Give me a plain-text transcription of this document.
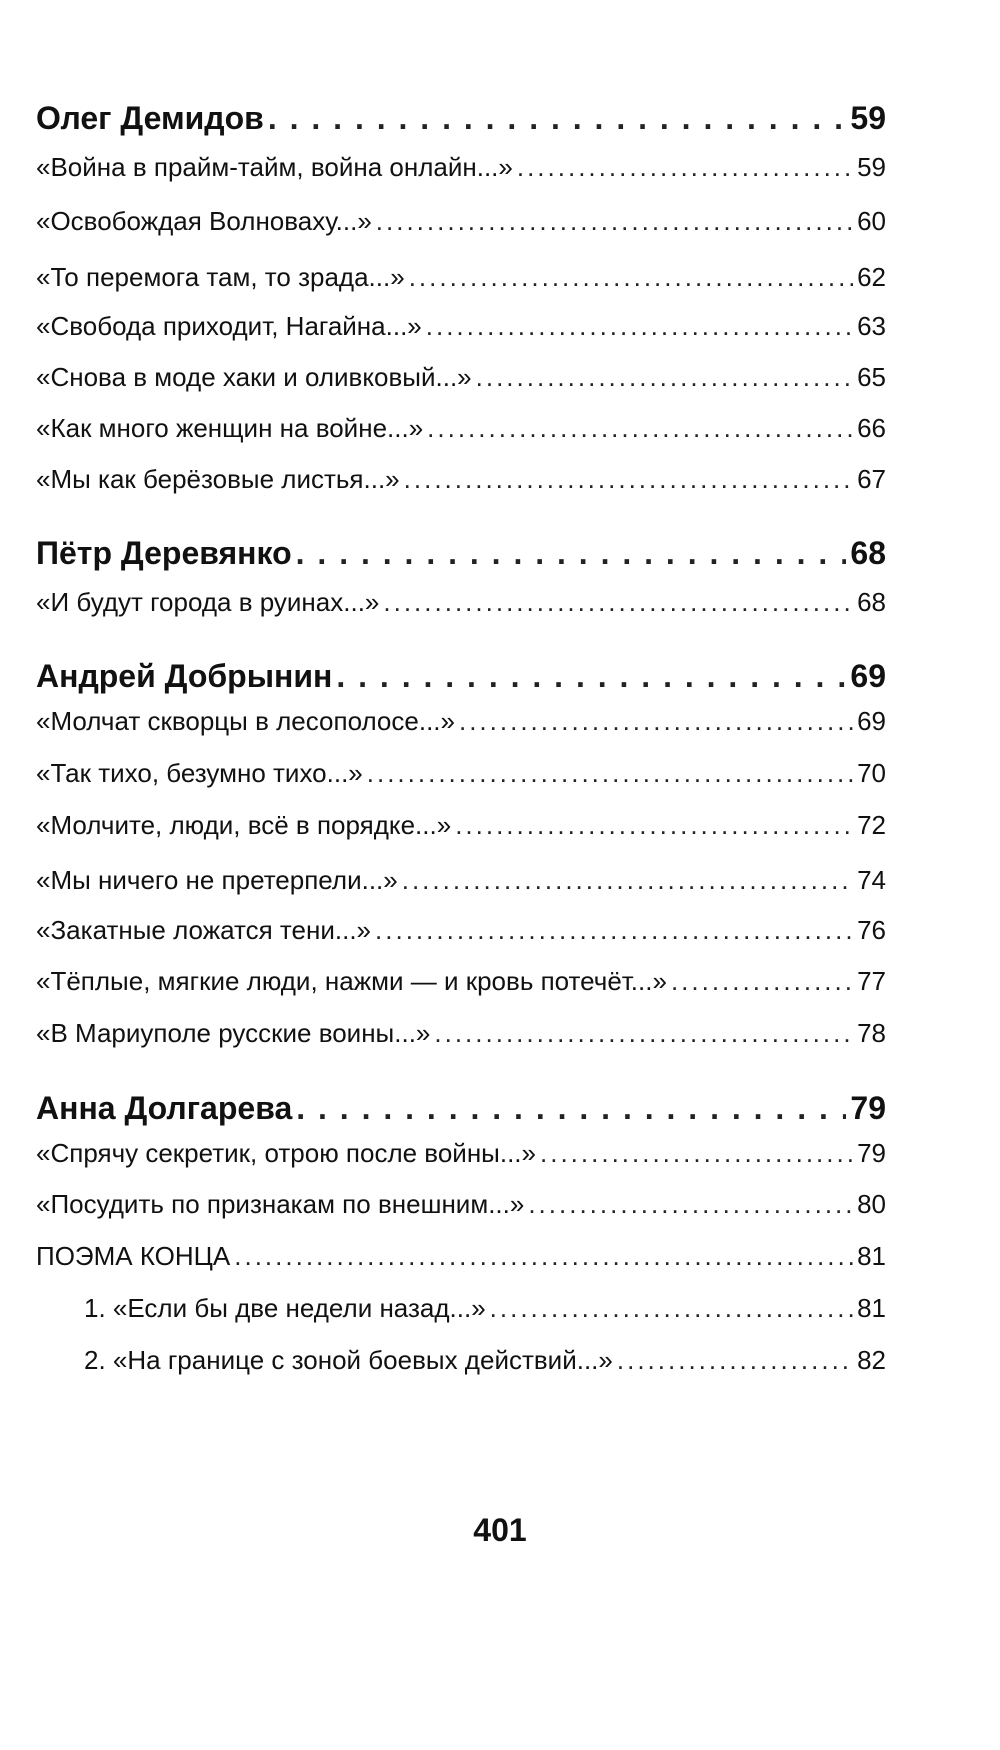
Олег Демидов . . .	59
«Война в прайм-тайм, война онлайн...» .....	59
«Освобождая Волноваху...» .....	60
«То перемога там, то зрада...» .....	62
«Свобода приходит, Нагайна...» .....	63
«Снова в моде хаки и оливковый...» .....	65
«Как много женщин на войне...» .....	66
«Мы как берёзовые листья...» .....	67
Пётр Деревянко . . .	68
«И будут города в руинах...» .....	68
Андрей Добрынин . . .	69
«Молчат скворцы в лесополосе...» .....	69
«Так тихо, безумно тихо...» .....	70
«Молчите, люди, всё в порядке...» .....	72
«Мы ничего не претерпели...» .....	74
«Закатные ложатся тени...» .....	76
«Тёплые, мягкие люди, нажми — и кровь потечёт...» .....	77
«В Мариуполе русские воины...» .....	78
Анна Долгарева . . .	79
«Спрячу секретик, отрою после войны...» .....	79
«Посудить по признакам по внешним...» .....	80
ПОЭМА КОНЦА .....	81
1. «Если бы две недели назад...» .....	81
2. «На границе с зоной боевых действий...» .....	82
401
